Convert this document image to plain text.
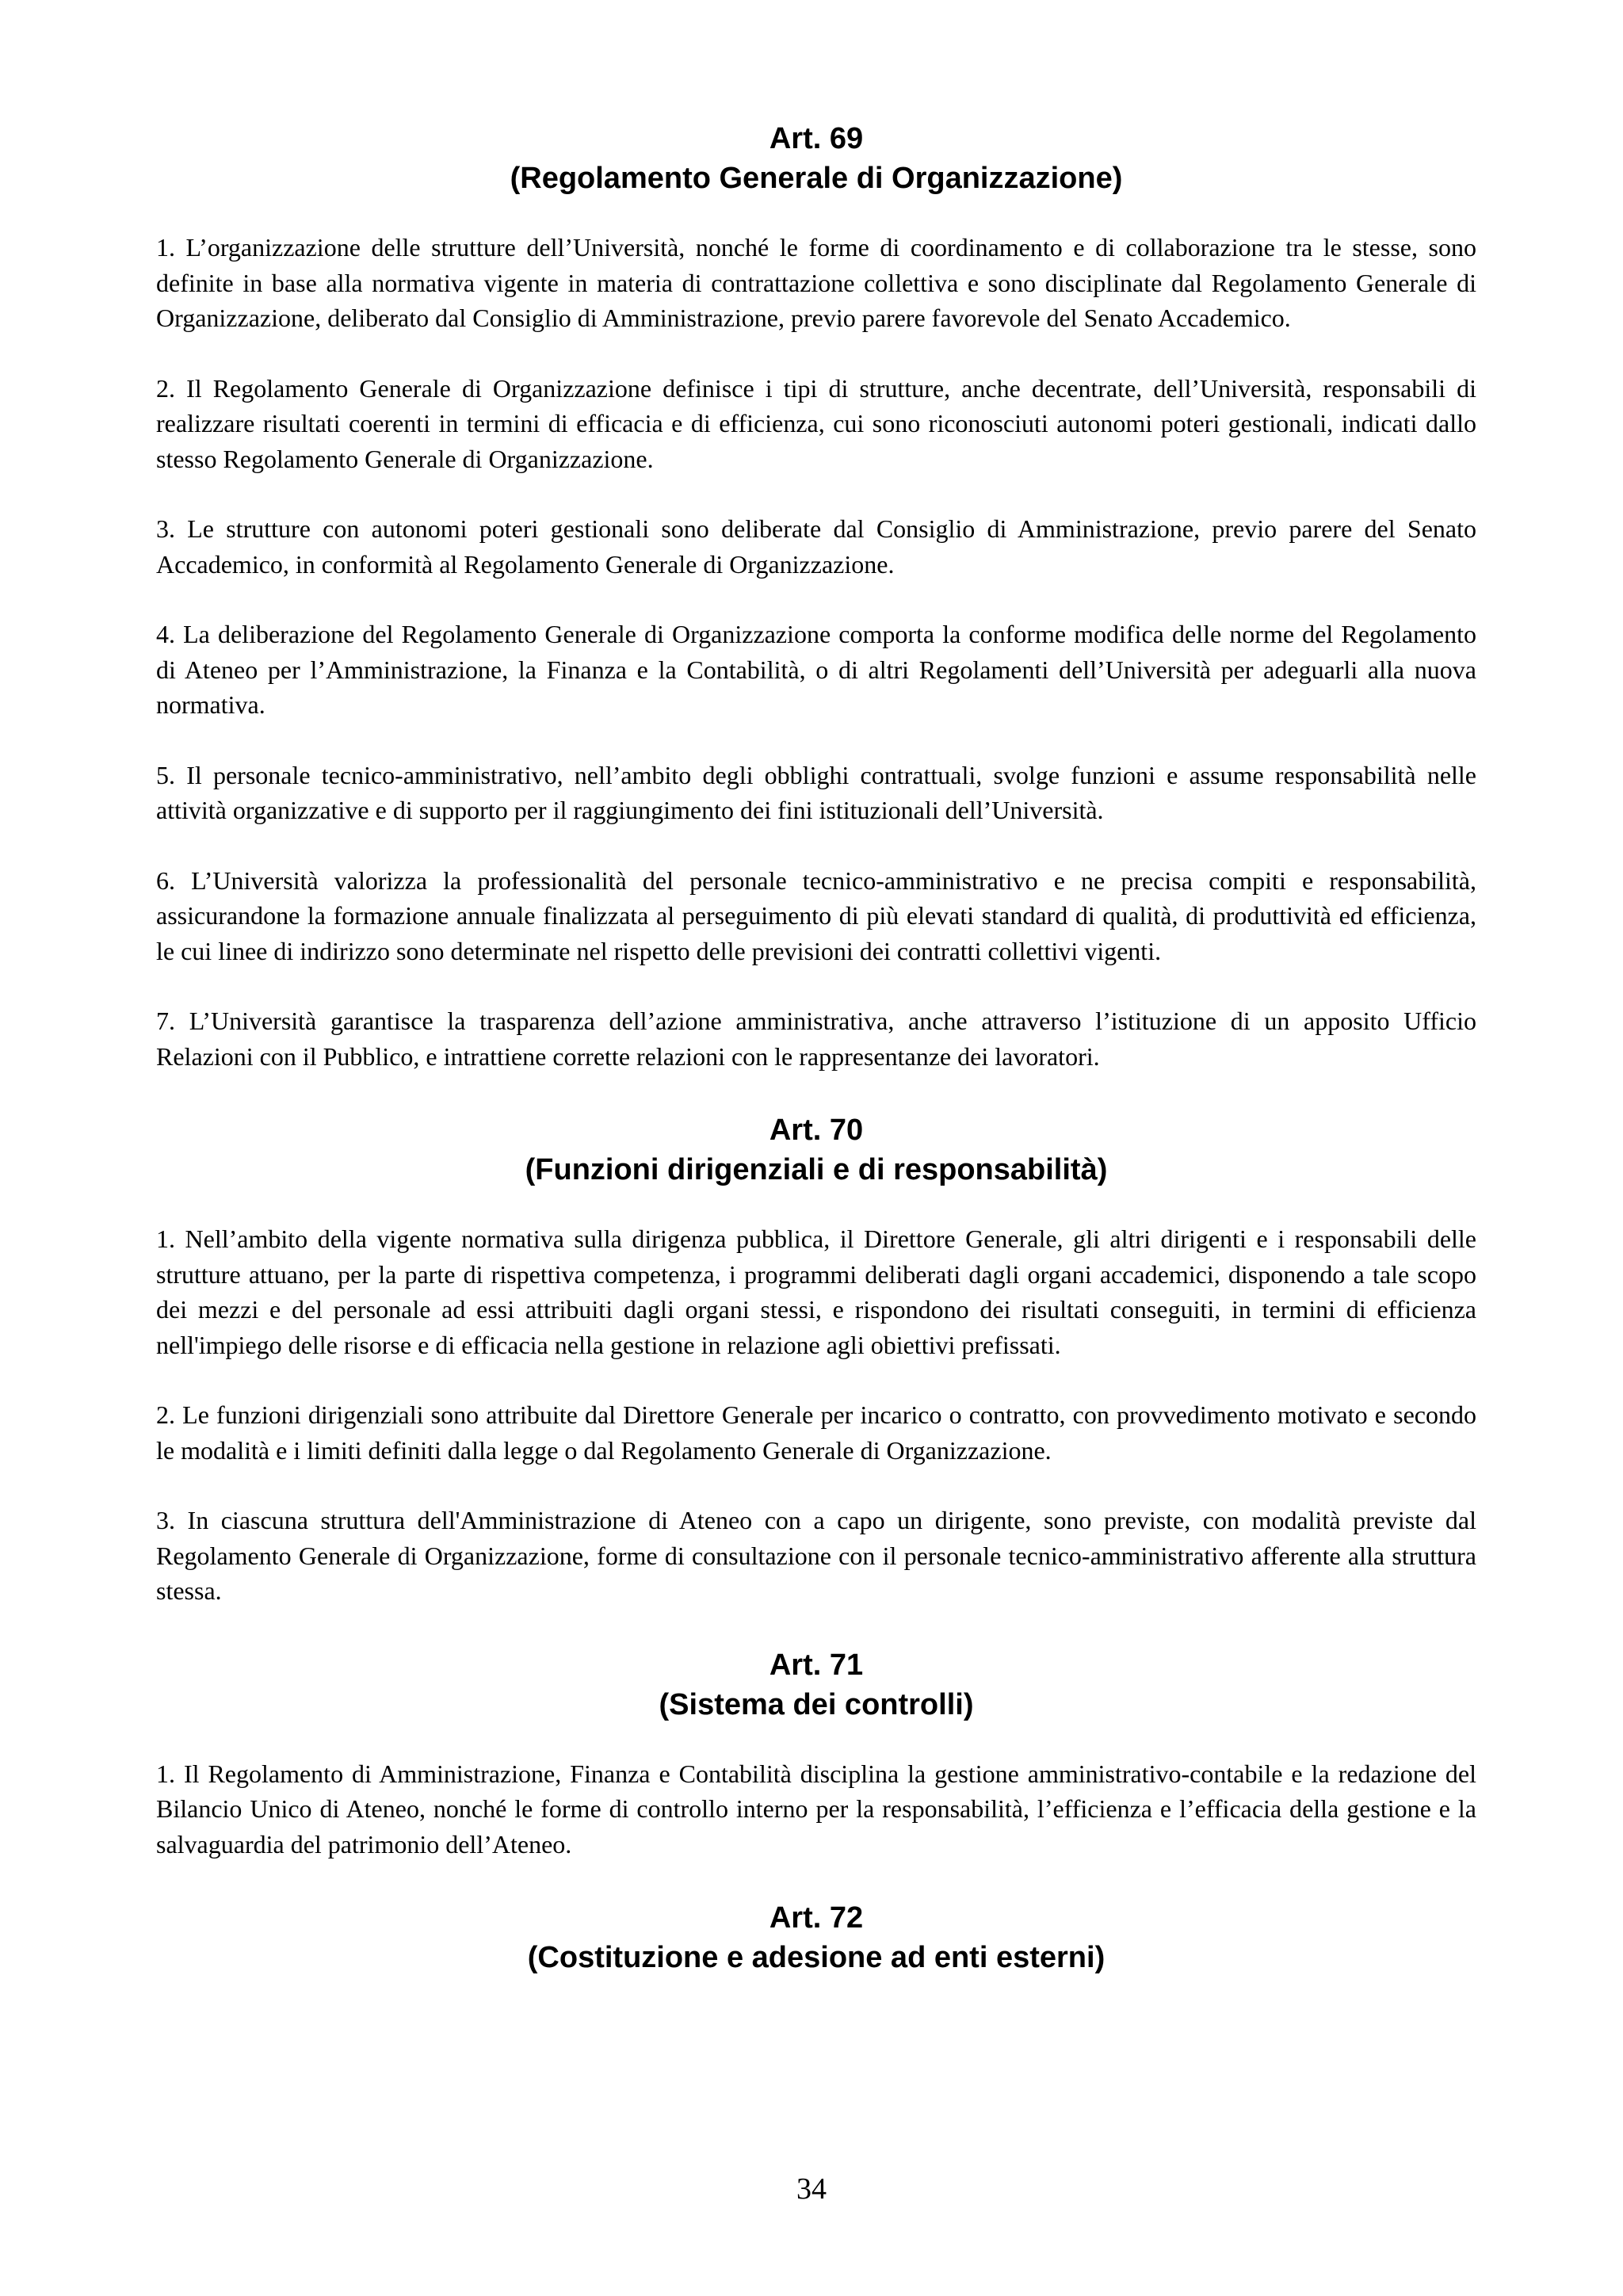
Art. 69
(Regolamento Generale di Organizzazione)

1. L’organizzazione delle strutture dell’Università, nonché le forme di coordinamento e di collaborazione tra le stesse, sono definite in base alla normativa vigente in materia di contrattazione collettiva e sono disciplinate dal Regolamento Generale di Organizzazione, deliberato dal Consiglio di Amministrazione, previo parere favorevole del Senato Accademico.

2. Il Regolamento Generale di Organizzazione definisce i tipi di strutture, anche decentrate, dell’Università, responsabili di realizzare risultati coerenti in termini di efficacia e di efficienza, cui sono riconosciuti autonomi poteri gestionali, indicati dallo stesso Regolamento Generale di Organizzazione.

3. Le strutture con autonomi poteri gestionali sono deliberate dal Consiglio di Amministrazione, previo parere del Senato Accademico, in conformità al Regolamento Generale di Organizzazione.

4. La deliberazione del Regolamento Generale di Organizzazione comporta la conforme modifica delle norme del Regolamento di Ateneo per l’Amministrazione, la Finanza e la Contabilità, o di altri Regolamenti dell’Università per adeguarli alla nuova normativa.

5. Il personale tecnico-amministrativo, nell’ambito degli obblighi contrattuali, svolge funzioni e assume responsabilità nelle attività organizzative e di supporto per il raggiungimento dei fini istituzionali dell’Università.

6. L’Università valorizza la professionalità del personale tecnico-amministrativo e ne precisa compiti e responsabilità, assicurandone la formazione annuale finalizzata al perseguimento di più elevati standard di qualità, di produttività ed efficienza, le cui linee di indirizzo sono determinate nel rispetto delle previsioni dei contratti collettivi vigenti.

7. L’Università garantisce la trasparenza dell’azione amministrativa, anche attraverso l’istituzione di un apposito Ufficio Relazioni con il Pubblico, e intrattiene corrette relazioni con le rappresentanze dei lavoratori.

Art. 70
(Funzioni dirigenziali e di responsabilità)

1. Nell’ambito della vigente normativa sulla dirigenza pubblica, il Direttore Generale, gli altri dirigenti e i responsabili delle strutture attuano, per la parte di rispettiva competenza, i programmi deliberati dagli organi accademici, disponendo a tale scopo dei mezzi e del personale ad essi attribuiti dagli organi stessi, e rispondono dei risultati conseguiti, in termini di efficienza nell'impiego delle risorse e di efficacia nella gestione in relazione agli obiettivi prefissati.

2. Le funzioni dirigenziali sono attribuite dal Direttore Generale per incarico o contratto, con provvedimento motivato e secondo le modalità e i limiti definiti dalla legge o dal Regolamento Generale di Organizzazione.

3. In ciascuna struttura dell'Amministrazione di Ateneo con a capo un dirigente, sono previste, con modalità previste dal Regolamento Generale di Organizzazione, forme di consultazione con il personale tecnico-amministrativo afferente alla struttura stessa.

Art. 71
(Sistema dei controlli)

1. Il Regolamento di Amministrazione, Finanza e Contabilità disciplina la gestione amministrativo-contabile e la redazione del Bilancio Unico di Ateneo, nonché le forme di controllo interno per la responsabilità, l’efficienza e l’efficacia della gestione e la salvaguardia del patrimonio dell’Ateneo.

Art. 72
(Costituzione e adesione ad enti esterni)
34
